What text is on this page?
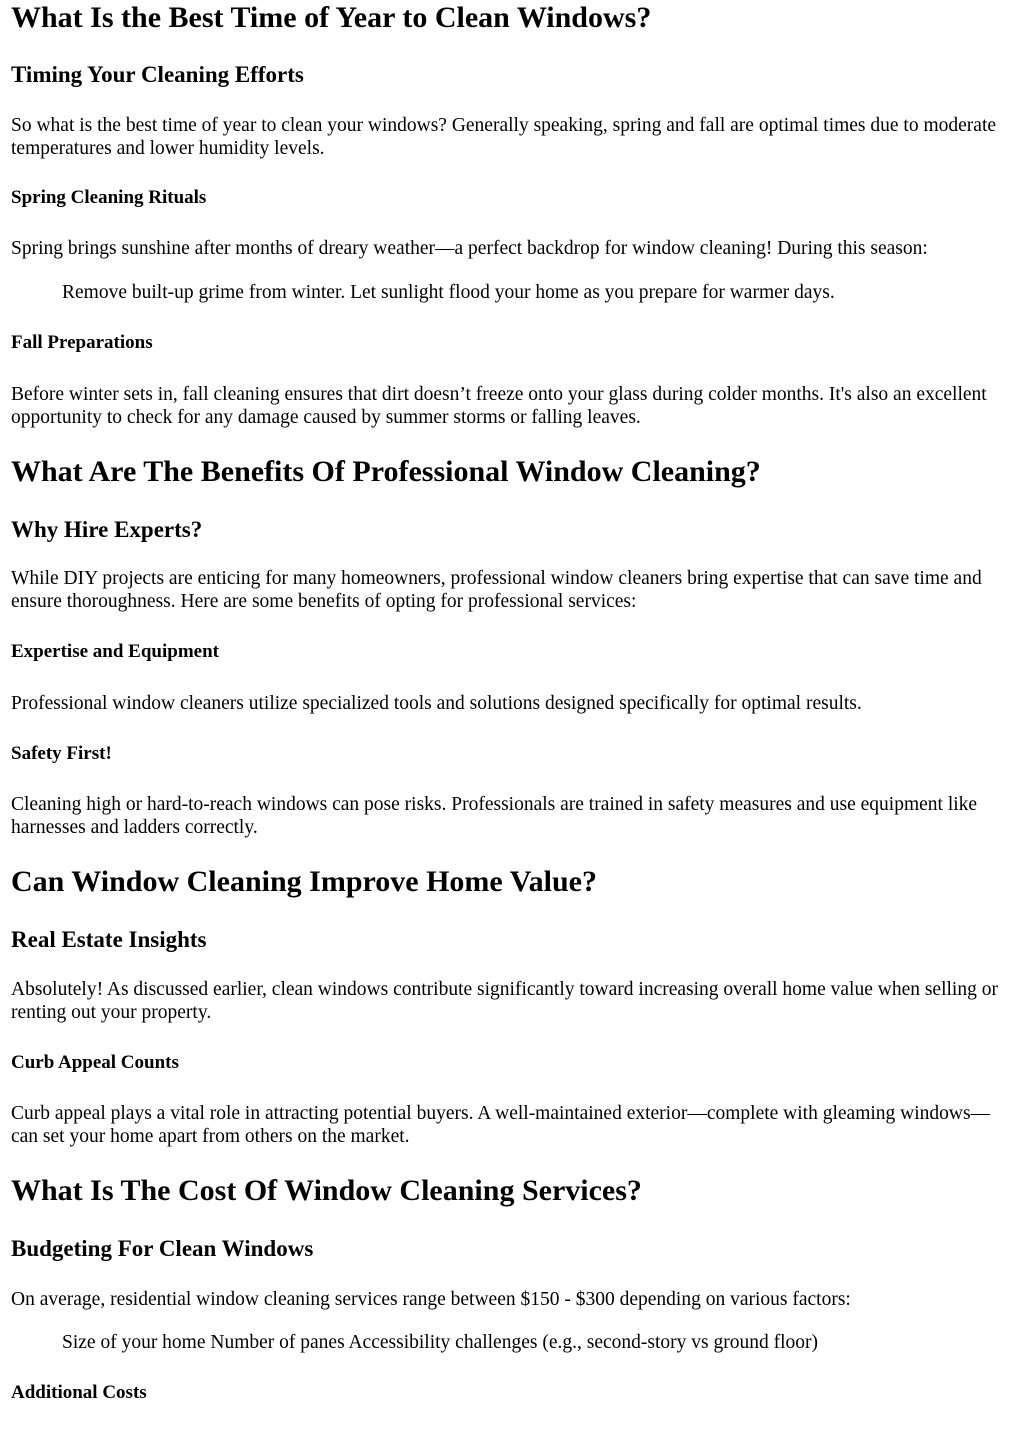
What Is the Best Time of Year to Clean Windows?
Timing Your Cleaning Efforts

So what is the best time of year to clean your windows? Generally speaking, spring and fall are optimal times due to moderate temperatures and lower humidity levels.

Spring Cleaning Rituals

Spring brings sunshine after months of dreary weather—a perfect backdrop for window cleaning! During this season:

Remove built-up grime from winter. Let sunlight flood your home as you prepare for warmer days.

Fall Preparations

Before winter sets in, fall cleaning ensures that dirt doesn’t freeze onto your glass during colder months. It's also an excellent opportunity to check for any damage caused by summer storms or falling leaves.

What Are The Benefits Of Professional Window Cleaning?
Why Hire Experts?

While DIY projects are enticing for many homeowners, professional window cleaners bring expertise that can save time and ensure thoroughness. Here are some benefits of opting for professional services:

Expertise and Equipment

Professional window cleaners utilize specialized tools and solutions designed specifically for optimal results.

Safety First!

Cleaning high or hard-to-reach windows can pose risks. Professionals are trained in safety measures and use equipment like harnesses and ladders correctly.

Can Window Cleaning Improve Home Value?
Real Estate Insights

Absolutely! As discussed earlier, clean windows contribute significantly toward increasing overall home value when selling or renting out your property.

Curb Appeal Counts

Curb appeal plays a vital role in attracting potential buyers. A well-maintained exterior—complete with gleaming windows—can set your home apart from others on the market.

What Is The Cost Of Window Cleaning Services?
Budgeting For Clean Windows

On average, residential window cleaning services range between $150 - $300 depending on various factors:

Size of your home Number of panes Accessibility challenges (e.g., second-story vs ground floor)

Additional Costs
